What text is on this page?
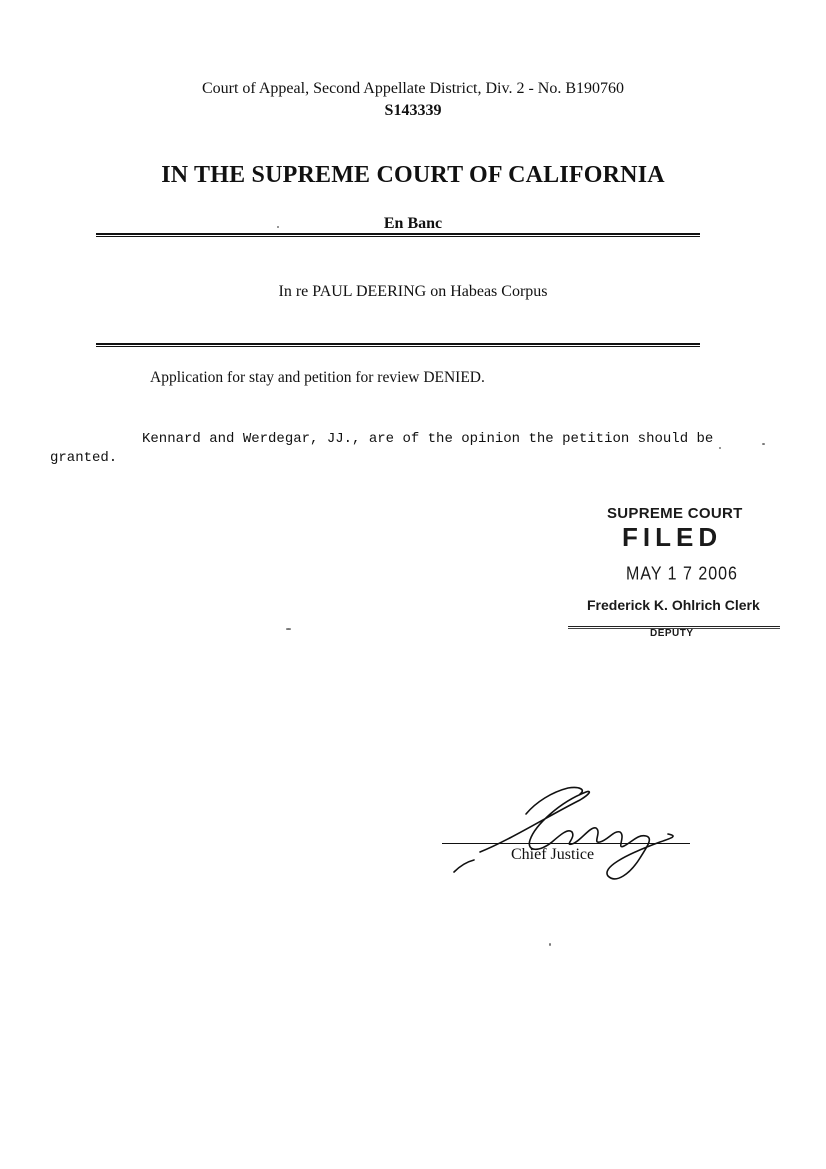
Court of Appeal, Second Appellate District, Div. 2 - No. B190760
S143339
IN THE SUPREME COURT OF CALIFORNIA
En Banc
In re PAUL DEERING on Habeas Corpus
Application for stay and petition for review DENIED.
Kennard and Werdegar, JJ., are of the opinion the petition should be
granted.
SUPREME COURT
FILED
MAY 1 7 2006
Frederick K. Ohlrich Clerk
DEPUTY
Chief Justice
